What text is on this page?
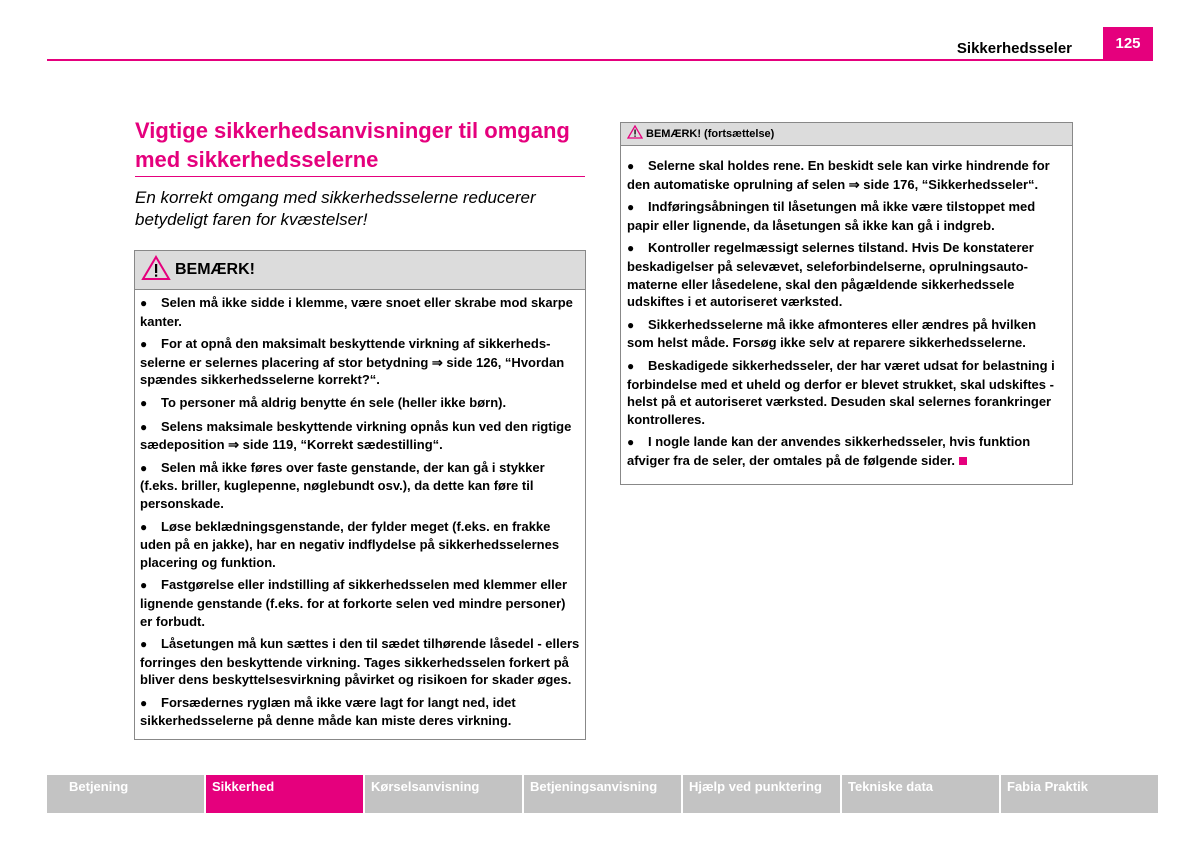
Sikkerhedsseler	125
Vigtige sikkerhedsanvisninger til omgang med sikkerhedsselerne

En korrekt omgang med sikkerhedsselerne reducerer betydeligt faren for kvæstelser!

BEMÆRK!
● Selen må ikke sidde i klemme, være snoet eller skrabe mod skarpe kanter.
● For at opnå den maksimalt beskyttende virkning af sikkerhedsselerne er selernes placering af stor betydning ⇒ side 126, “Hvordan spændes sikkerhedsselerne korrekt?“.
● To personer må aldrig benytte én sele (heller ikke børn).
● Selens maksimale beskyttende virkning opnås kun ved den rigtige sædeposition ⇒ side 119, “Korrekt sædestilling“.
● Selen må ikke føres over faste genstande, der kan gå i stykker (f.eks. briller, kuglepenne, nøglebundt osv.), da dette kan føre til personskade.
● Løse beklædningsgenstande, der fylder meget (f.eks. en frakke uden på en jakke), har en negativ indflydelse på sikkerhedsselernes placering og funktion.
● Fastgørelse eller indstilling af sikkerhedsselen med klemmer eller lignende genstande (f.eks. for at forkorte selen ved mindre personer) er forbudt.
● Låsetungen må kun sættes i den til sædet tilhørende låsedel - ellers forringes den beskyttende virkning. Tages sikkerhedsselen forkert på bliver dens beskyttelsesvirkning påvirket og risikoen for skader øges.
● Forsædernes ryglæn må ikke være lagt for langt ned, idet sikkerhedsselerne på denne måde kan miste deres virkning.
BEMÆRK! (fortsættelse)
● Selerne skal holdes rene. En beskidt sele kan virke hindrende for den automatiske oprulning af selen ⇒ side 176, “Sikkerhedsseler“.
● Indføringsåbningen til låsetungen må ikke være tilstoppet med papir eller lignende, da låsetungen så ikke kan gå i indgreb.
● Kontroller regelmæssigt selernes tilstand. Hvis De konstaterer beskadigelser på selevævet, seleforbindelserne, oprulningsautomaterne eller låsedelene, skal den pågældende sikkerhedssele udskiftes i et autoriseret værksted.
● Sikkerhedsselerne må ikke afmonteres eller ændres på hvilken som helst måde. Forsøg ikke selv at reparere sikkerhedsselerne.
● Beskadigede sikkerhedsseler, der har været udsat for belastning i forbindelse med et uheld og derfor er blevet strukket, skal udskiftes - helst på et autoriseret værksted. Desuden skal selernes forankringer kontrolleres.
● I nogle lande kan der anvendes sikkerhedsseler, hvis funktion afviger fra de seler, der omtales på de følgende sider.
Betjening	Sikkerhed	Kørselsanvisning	Betjeningsanvisning	Hjælp ved punktering	Tekniske data	Fabia Praktik
